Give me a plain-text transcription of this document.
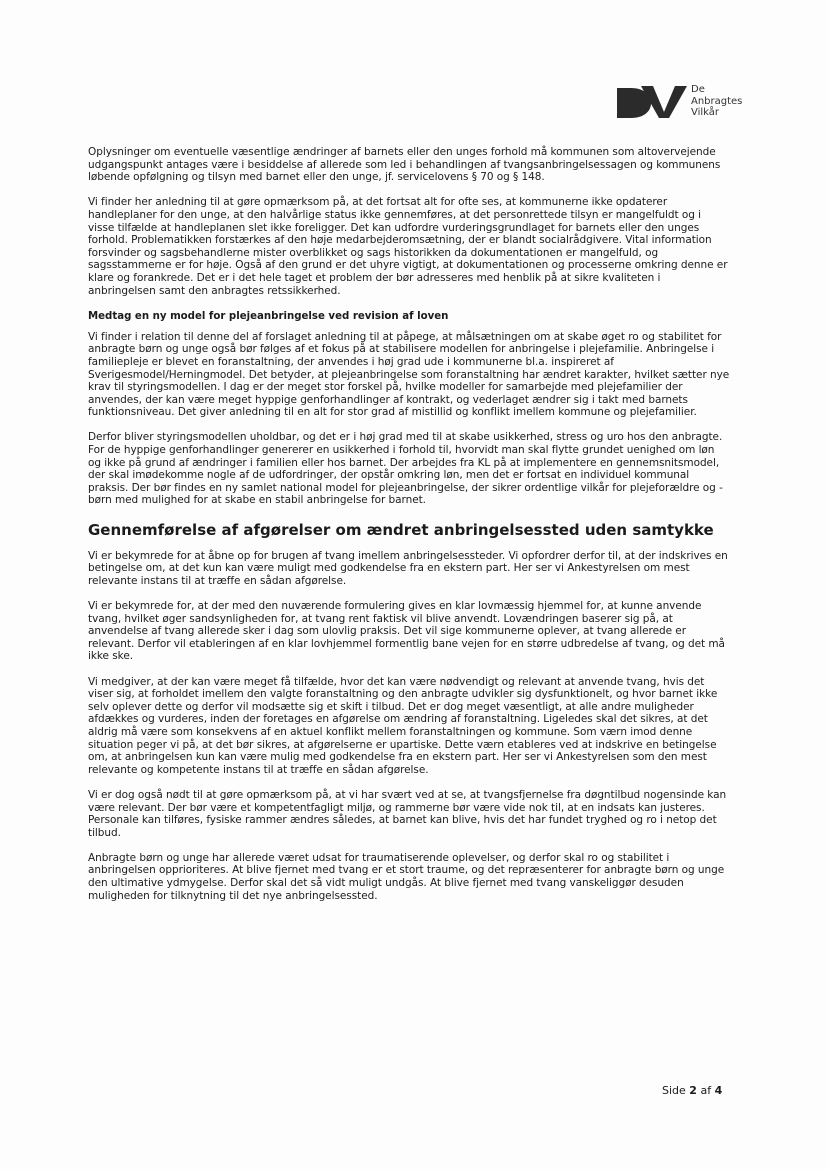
De
Anbragtes
Vilkår

Oplysninger om eventuelle væsentlige ændringer af barnets eller den unges forhold må kommunen som altovervejende udgangspunkt antages være i besiddelse af allerede som led i behandlingen af tvangsanbringelsessagen og kommunens løbende opfølgning og tilsyn med barnet eller den unge, jf. servicelovens § 70 og § 148.

Vi finder her anledning til at gøre opmærksom på, at det fortsat alt for ofte ses, at kommunerne ikke opdaterer handleplaner for den unge, at den halvårlige status ikke gennemføres, at det personrettede tilsyn er mangelfuldt og i visse tilfælde at handleplanen slet ikke foreligger. Det kan udfordre vurderingsgrundlaget for barnets eller den unges forhold. Problematikken forstærkes af den høje medarbejderomsætning, der er blandt socialrådgivere. Vital information forsvinder og sagsbehandlerne mister overblikket og sags historikken da dokumentationen er mangelfuld, og sagsstammerne er for høje. Også af den grund er det uhyre vigtigt, at dokumentationen og processerne omkring denne er klare og forankrede. Det er i det hele taget et problem der bør adresseres med henblik på at sikre kvaliteten i anbringelsen samt den anbragtes retssikkerhed.

Medtag en ny model for plejeanbringelse ved revision af loven

Vi finder i relation til denne del af forslaget anledning til at påpege, at målsætningen om at skabe øget ro og stabilitet for anbragte børn og unge også bør følges af et fokus på at stabilisere modellen for anbringelse i plejefamilie. Anbringelse i familiepleje er blevet en foranstaltning, der anvendes i høj grad ude i kommunerne bl.a. inspireret af Sverigesmodel/Herningmodel. Det betyder, at plejeanbringelse som foranstaltning har ændret karakter, hvilket sætter nye krav til styringsmodellen. I dag er der meget stor forskel på, hvilke modeller for samarbejde med plejefamilier der anvendes, der kan være meget hyppige genforhandlinger af kontrakt, og vederlaget ændrer sig i takt med barnets funktionsniveau. Det giver anledning til en alt for stor grad af mistillid og konflikt imellem kommune og plejefamilier.

Derfor bliver styringsmodellen uholdbar, og det er i høj grad med til at skabe usikkerhed, stress og uro hos den anbragte. For de hyppige genforhandlinger genererer en usikkerhed i forhold til, hvorvidt man skal flytte grundet uenighed om løn og ikke på grund af ændringer i familien eller hos barnet. Der arbejdes fra KL på at implementere en gennemsnitsmodel, der skal imødekomme nogle af de udfordringer, der opstår omkring løn, men det er fortsat en individuel kommunal praksis. Der bør findes en ny samlet national model for plejeanbringelse, der sikrer ordentlige vilkår for plejeforældre og -børn med mulighed for at skabe en stabil anbringelse for barnet.

Gennemførelse af afgørelser om ændret anbringelsessted uden samtykke

Vi er bekymrede for at åbne op for brugen af tvang imellem anbringelsessteder. Vi opfordrer derfor til, at der indskrives en betingelse om, at det kun kan være muligt med godkendelse fra en ekstern part. Her ser vi Ankestyrelsen om mest relevante instans til at træffe en sådan afgørelse.

Vi er bekymrede for, at der med den nuværende formulering gives en klar lovmæssig hjemmel for, at kunne anvende tvang, hvilket øger sandsynligheden for, at tvang rent faktisk vil blive anvendt. Lovændringen baserer sig på, at anvendelse af tvang allerede sker i dag som ulovlig praksis. Det vil sige kommunerne oplever, at tvang allerede er relevant. Derfor vil etableringen af en klar lovhjemmel formentlig bane vejen for en større udbredelse af tvang, og det må ikke ske.

Vi medgiver, at der kan være meget få tilfælde, hvor det kan være nødvendigt og relevant at anvende tvang, hvis det viser sig, at forholdet imellem den valgte foranstaltning og den anbragte udvikler sig dysfunktionelt, og hvor barnet ikke selv oplever dette og derfor vil modsætte sig et skift i tilbud. Det er dog meget væsentligt, at alle andre muligheder afdækkes og vurderes, inden der foretages en afgørelse om ændring af foranstaltning. Ligeledes skal det sikres, at det aldrig må være som konsekvens af en aktuel konflikt mellem foranstaltningen og kommune. Som værn imod denne situation peger vi på, at det bør sikres, at afgørelserne er upartiske. Dette værn etableres ved at indskrive en betingelse om, at anbringelsen kun kan være mulig med godkendelse fra en ekstern part. Her ser vi Ankestyrelsen som den mest relevante og kompetente instans til at træffe en sådan afgørelse.

Vi er dog også nødt til at gøre opmærksom på, at vi har svært ved at se, at tvangsfjernelse fra døgntilbud nogensinde kan være relevant. Der bør være et kompetentfagligt miljø, og rammerne bør være vide nok til, at en indsats kan justeres. Personale kan tilføres, fysiske rammer ændres således, at barnet kan blive, hvis det har fundet tryghed og ro i netop det tilbud.

Anbragte børn og unge har allerede været udsat for traumatiserende oplevelser, og derfor skal ro og stabilitet i anbringelsen opprioriteres. At blive fjernet med tvang er et stort traume, og det repræsenterer for anbragte børn og unge den ultimative ydmygelse. Derfor skal det så vidt muligt undgås. At blive fjernet med tvang vanskeliggør desuden muligheden for tilknytning til det nye anbringelsessted.

Side 2 af 4
